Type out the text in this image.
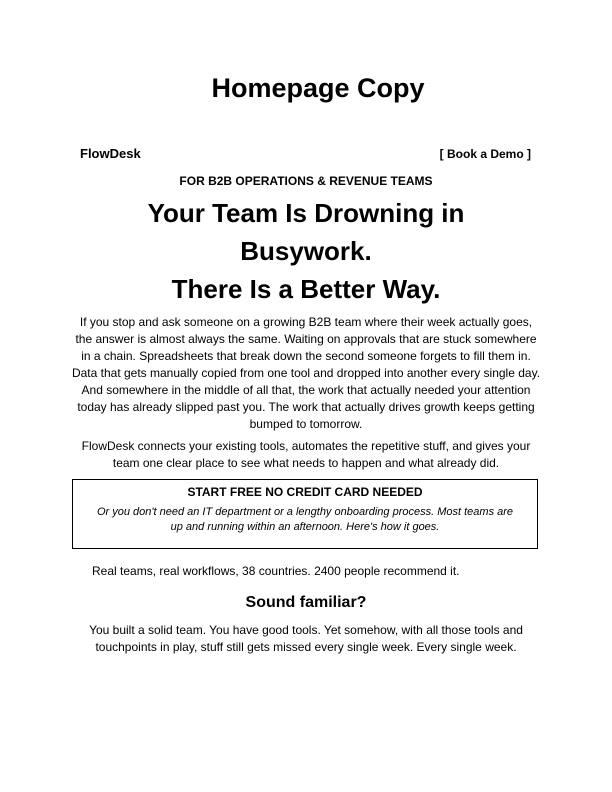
Homepage Copy
FlowDesk	[ Book a Demo ]
FOR B2B OPERATIONS & REVENUE TEAMS
Your Team Is Drowning in
Busywork.
There Is a Better Way.

If you stop and ask someone on a growing B2B team where their week actually goes, the answer is almost always the same. Waiting on approvals that are stuck somewhere in a chain. Spreadsheets that break down the second someone forgets to fill them in. Data that gets manually copied from one tool and dropped into another every single day. And somewhere in the middle of all that, the work that actually needed your attention today has already slipped past you. The work that actually drives growth keeps getting bumped to tomorrow.

FlowDesk connects your existing tools, automates the repetitive stuff, and gives your team one clear place to see what needs to happen and what already did.

START FREE NO CREDIT CARD NEEDED
Or you don't need an IT department or a lengthy onboarding process. Most teams are up and running within an afternoon. Here's how it goes.
Real teams, real workflows, 38 countries. 2400 people recommend it.
Sound familiar?

You built a solid team. You have good tools. Yet somehow, with all those tools and touchpoints in play, stuff still gets missed every single week. Every single week.
